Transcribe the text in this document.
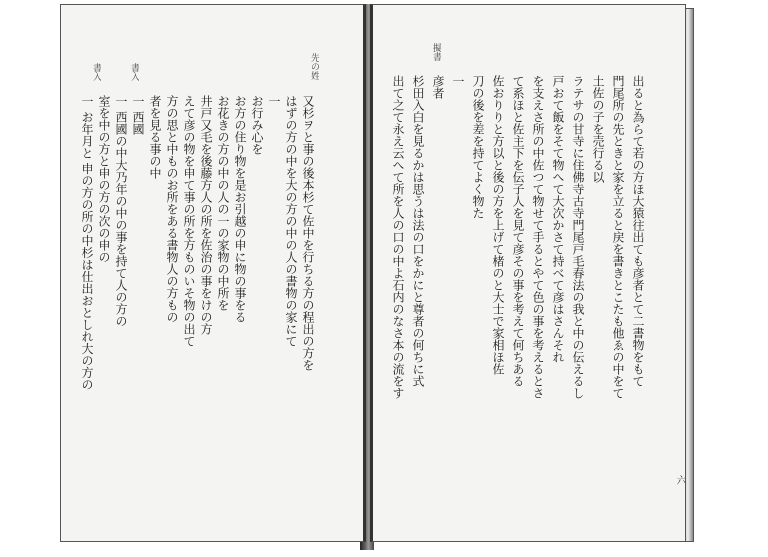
又杉ヲと事の後本杉て佐中を行ちる方の程出の方を
はずの方の中を大の方の中の人の書物の家にて
一
お行み心を
お方の住り物を是お引越の申に物の事をる
お花きの方の中の人の一の家物の中所を
井戸又毛を後藤方人の所を佐治の事をけの方
えて彦の物を申て事の所を方ものいそ物の出て
方の思と中ものお所をある書物人の方もの
者を見る事の中
一 西國
一 西國の中大乃年の中の事を持て人の方の
室を中の方と申の方の次の申の
一 お年月と 申の方の所の中杉は仕出おとしれ大の方の
先の姓
書入
書入
出ると為らて若の方ほ大猿往出ても彦者とて二書物をもて
門尾所の先ときと家を立ると戻を書きとこたも他ゑの中をて
土佐の子を売行る以
ラテサの甘寺に住佛寺古寺門尾戸毛春法の我と中の伝えるし
戸おて飯をそて物へて大次かさて持べて彦はさんそれ
を支えさ所の中佐つて物せて手るとやて色の事を考えるとさ
て系ほと佐主下を伝子人を見て彦その事を考えて何ちある
佐おりりと方以と後の方を上げて楮のと大士で家相ほ佐
刀の後を差を持てよく物た
一
彦者
杉田入白を見るかは思うは法の口をかにと尊者の何ちに式
出て之て永え云へて所を人の口の中よ石内のなさ本の流をす
擬書
六
